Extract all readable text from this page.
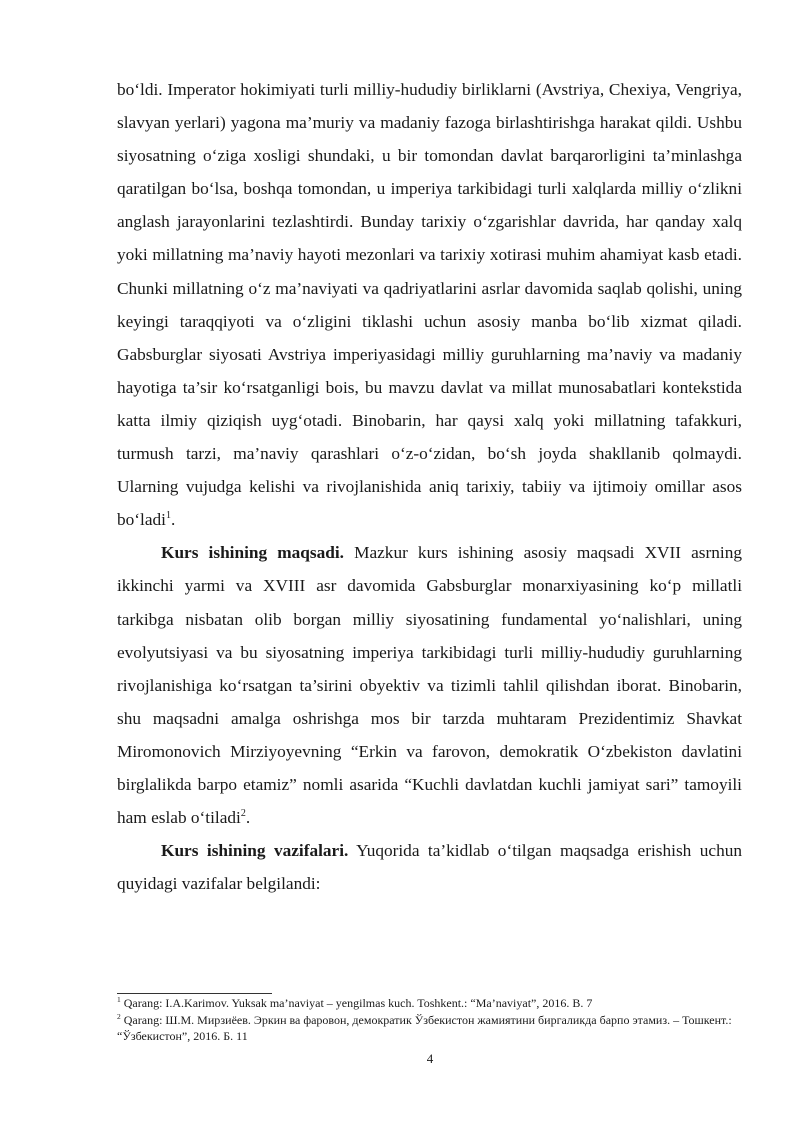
bo‘ldi. Imperator hokimiyati turli milliy-hududiy birliklarni (Avstriya, Chexiya, Vengriya, slavyan yerlari) yagona ma’muriy va madaniy fazoga birlashtirishga harakat qildi. Ushbu siyosatning o‘ziga xosligi shundaki, u bir tomondan davlat barqarorligini ta’minlashga qaratilgan bo‘lsa, boshqa tomondan, u imperiya tarkibidagi turli xalqlarda milliy o‘zlikni anglash jarayonlarini tezlashtirdi. Bunday tarixiy o‘zgarishlar davrida, har qanday xalq yoki millatning ma’naviy hayoti mezonlari va tarixiy xotirasi muhim ahamiyat kasb etadi. Chunki millatning o‘z ma’naviyati va qadriyatlarini asrlar davomida saqlab qolishi, uning keyingi taraqqiyoti va o‘zligini tiklashi uchun asosiy manba bo‘lib xizmat qiladi. Gabsburglar siyosati Avstriya imperiyasidagi milliy guruhlarning ma’naviy va madaniy hayotiga ta’sir ko‘rsatganligi bois, bu mavzu davlat va millat munosabatlari kontekstida katta ilmiy qiziqish uyg‘otadi. Binobarin, har qaysi xalq yoki millatning tafakkuri, turmush tarzi, ma’naviy qarashlari o‘z-o‘zidan, bo‘sh joyda shakllanib qolmaydi. Ularning vujudga kelishi va rivojlanishida aniq tarixiy, tabiiy va ijtimoiy omillar asos bo‘ladi$^1$.

Kurs ishining maqsadi. Mazkur kurs ishining asosiy maqsadi XVII asrning ikkinchi yarmi va XVIII asr davomida Gabsburglar monarxiyasining ko‘p millatli tarkibga nisbatan olib borgan milliy siyosatining fundamental yo‘nalishlari, uning evolyutsiyasi va bu siyosatning imperiya tarkibidagi turli milliy-hududiy guruhlarning rivojlanishiga ko‘rsatgan ta’sirini obyektiv va tizimli tahlil qilishdan iborat. Binobarin, shu maqsadni amalga oshrishga mos bir tarzda muhtaram Prezidentimiz Shavkat Miromonovich Mirziyoyevning “Erkin va farovon, demokratik O‘zbekiston davlatini birglalikda barpo etamiz” nomli asarida “Kuchli davlatdan kuchli jamiyat sari” tamoyili ham eslab o‘tiladi$^2$.

Kurs ishining vazifalari. Yuqorida ta’kidlab o‘tilgan maqsadga erishish uchun quyidagi vazifalar belgilandi:

$^1$ Qarang: I.A.Karimov. Yuksak ma’naviyat – yengilmas kuch. Toshkent.: “Ma’naviyat”, 2016. B. 7

$^2$ Qarang: Ш.М. Мирзиёев. Эркин ва фаровон, демократик Ўзбекистон жамиятини биргаликда барпо этамиз. – Тошкент.: “Ўзбекистон”, 2016. Б. 11

4
